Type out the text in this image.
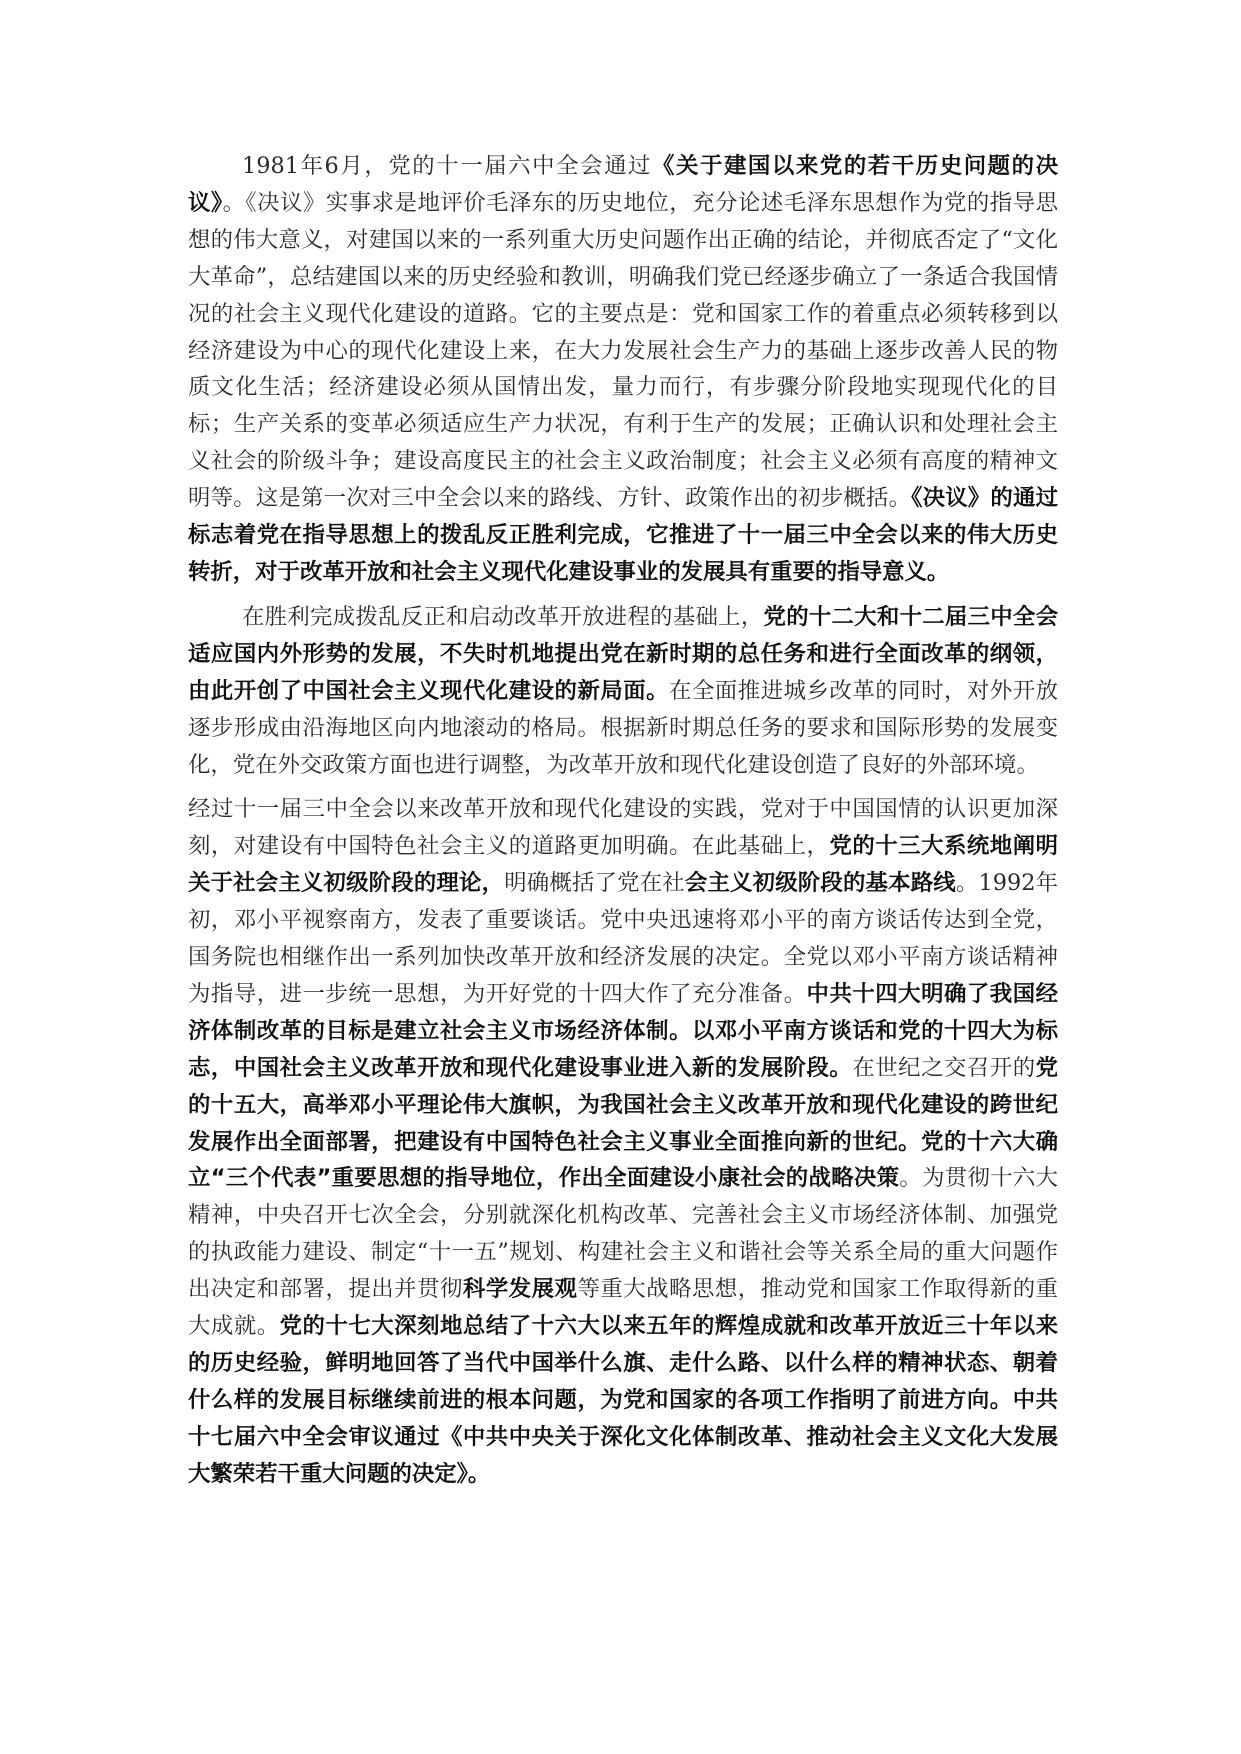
1981年6月，党的十一届六中全会通过《关于建国以来党的若干历史问题的决议》。《决议》实事求是地评价毛泽东的历史地位，充分论述毛泽东思想作为党的指导思想的伟大意义，对建国以来的一系列重大历史问题作出正确的结论，并彻底否定了“文化大革命”，总结建国以来的历史经验和教训，明确我们党已经逐步确立了一条适合我国情况的社会主义现代化建设的道路。它的主要点是：党和国家工作的着重点必须转移到以经济建设为中心的现代化建设上来，在大力发展社会生产力的基础上逐步改善人民的物质文化生活；经济建设必须从国情出发，量力而行，有步骤分阶段地实现现代化的目标；生产关系的变革必须适应生产力状况，有利于生产的发展；正确认识和处理社会主义社会的阶级斗争；建设高度民主的社会主义政治制度；社会主义必须有高度的精神文明等。这是第一次对三中全会以来的路线、方针、政策作出的初步概括。《决议》的通过标志着党在指导思想上的拨乱反正胜利完成，它推进了十一届三中全会以来的伟大历史转折，对于改革开放和社会主义现代化建设事业的发展具有重要的指导意义。

在胜利完成拨乱反正和启动改革开放进程的基础上，党的十二大和十二届三中全会适应国内外形势的发展，不失时机地提出党在新时期的总任务和进行全面改革的纲领，由此开创了中国社会主义现代化建设的新局面。在全面推进城乡改革的同时，对外开放逐步形成由沿海地区向内地滚动的格局。根据新时期总任务的要求和国际形势的发展变化，党在外交政策方面也进行调整，为改革开放和现代化建设创造了良好的外部环境。

经过十一届三中全会以来改革开放和现代化建设的实践，党对于中国国情的认识更加深刻，对建设有中国特色社会主义的道路更加明确。在此基础上，党的十三大系统地阐明关于社会主义初级阶段的理论，明确概括了党在社会主义初级阶段的基本路线。1992年初，邓小平视察南方，发表了重要谈话。党中央迅速将邓小平的南方谈话传达到全党，国务院也相继作出一系列加快改革开放和经济发展的决定。全党以邓小平南方谈话精神为指导，进一步统一思想，为开好党的十四大作了充分准备。中共十四大明确了我国经济体制改革的目标是建立社会主义市场经济体制。以邓小平南方谈话和党的十四大为标志，中国社会主义改革开放和现代化建设事业进入新的发展阶段。在世纪之交召开的党的十五大，高举邓小平理论伟大旗帜，为我国社会主义改革开放和现代化建设的跨世纪发展作出全面部署，把建设有中国特色社会主义事业全面推向新的世纪。党的十六大确立“三个代表”重要思想的指导地位，作出全面建设小康社会的战略决策。为贯彻十六大精神，中央召开七次全会，分别就深化机构改革、完善社会主义市场经济体制、加强党的执政能力建设、制定“十一五”规划、构建社会主义和谐社会等关系全局的重大问题作出决定和部署，提出并贯彻科学发展观等重大战略思想，推动党和国家工作取得新的重大成就。党的十七大深刻地总结了十六大以来五年的辉煌成就和改革开放近三十年以来的历史经验，鲜明地回答了当代中国举什么旗、走什么路、以什么样的精神状态、朝着什么样的发展目标继续前进的根本问题，为党和国家的各项工作指明了前进方向。中共十七届六中全会审议通过《中共中央关于深化文化体制改革、推动社会主义文化大发展大繁荣若干重大问题的决定》。
